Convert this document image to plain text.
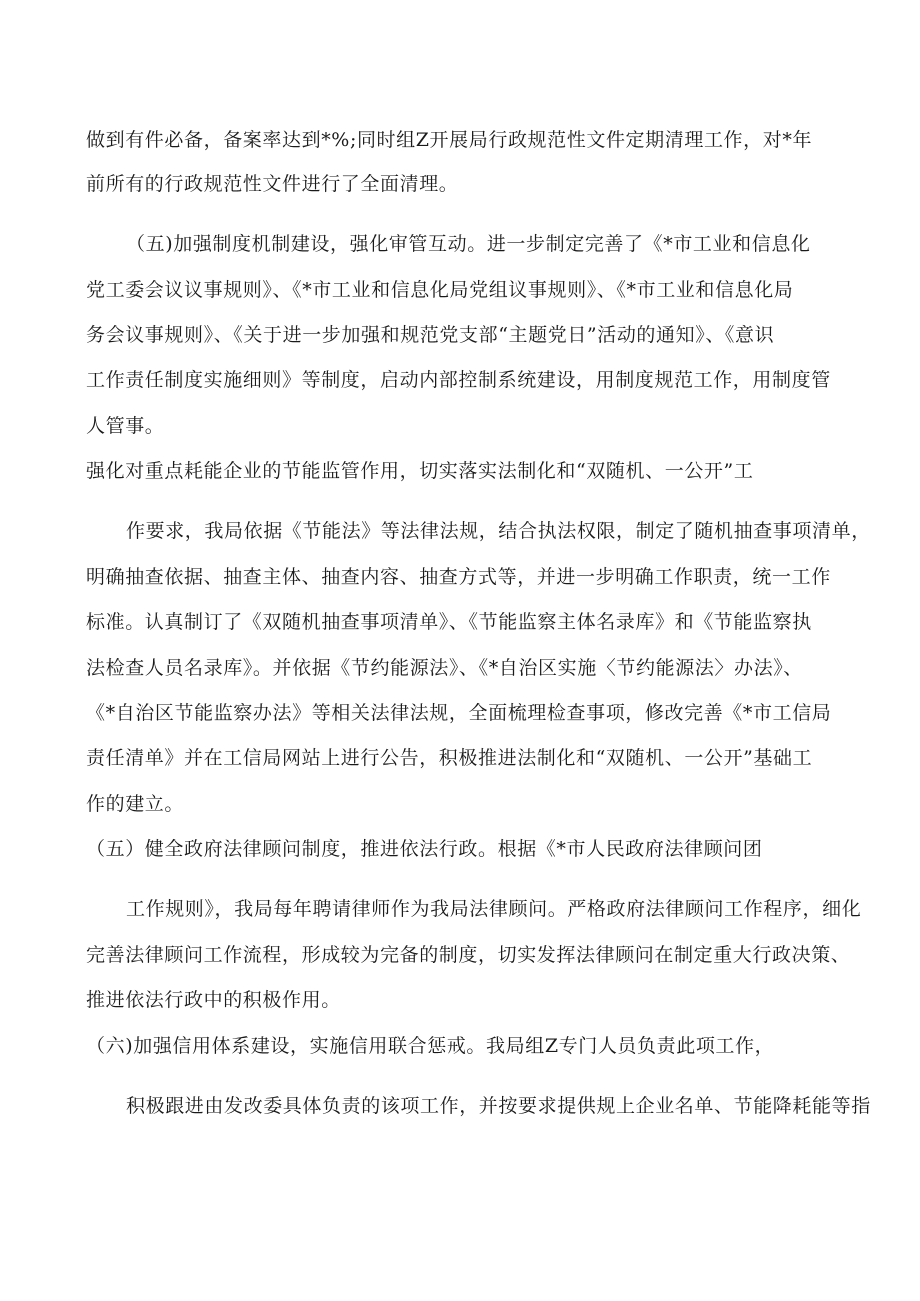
做到有件必备，备案率达到*%;同时组Z开展局行政规范性文件定期清理工作，对*年
前所有的行政规范性文件进行了全面清理。
（五)加强制度机制建设，强化审管互动。进一步制定完善了《*市工业和信息化
党工委会议议事规则》、《*市工业和信息化局党组议事规则》、《*市工业和信息化局
务会议事规则》、《关于进一步加强和规范党支部“主题党日”活动的通知》、《意识
工作责任制度实施细则》等制度，启动内部控制系统建设，用制度规范工作，用制度管
人管事。
强化对重点耗能企业的节能监管作用，切实落实法制化和“双随机、一公开”工
作要求，我局依据《节能法》等法律法规，结合执法权限，制定了随机抽查事项清单，
明确抽查依据、抽查主体、抽查内容、抽查方式等，并进一步明确工作职责，统一工作
标准。认真制订了《双随机抽查事项清单》、《节能监察主体名录库》和《节能监察执
法检查人员名录库》。并依据《节约能源法》、《*自治区实施〈节约能源法〉办法》、
《*自治区节能监察办法》等相关法律法规，全面梳理检查事项，修改完善《*市工信局
责任清单》并在工信局网站上进行公告，积极推进法制化和“双随机、一公开”基础工
作的建立。
（五）健全政府法律顾问制度，推进依法行政。根据《*市人民政府法律顾问团
工作规则》，我局每年聘请律师作为我局法律顾问。严格政府法律顾问工作程序，细化
完善法律顾问工作流程，形成较为完备的制度，切实发挥法律顾问在制定重大行政决策、
推进依法行政中的积极作用。
（六)加强信用体系建设，实施信用联合惩戒。我局组Z专门人员负责此项工作，
积极跟进由发改委具体负责的该项工作，并按要求提供规上企业名单、节能降耗能等指
